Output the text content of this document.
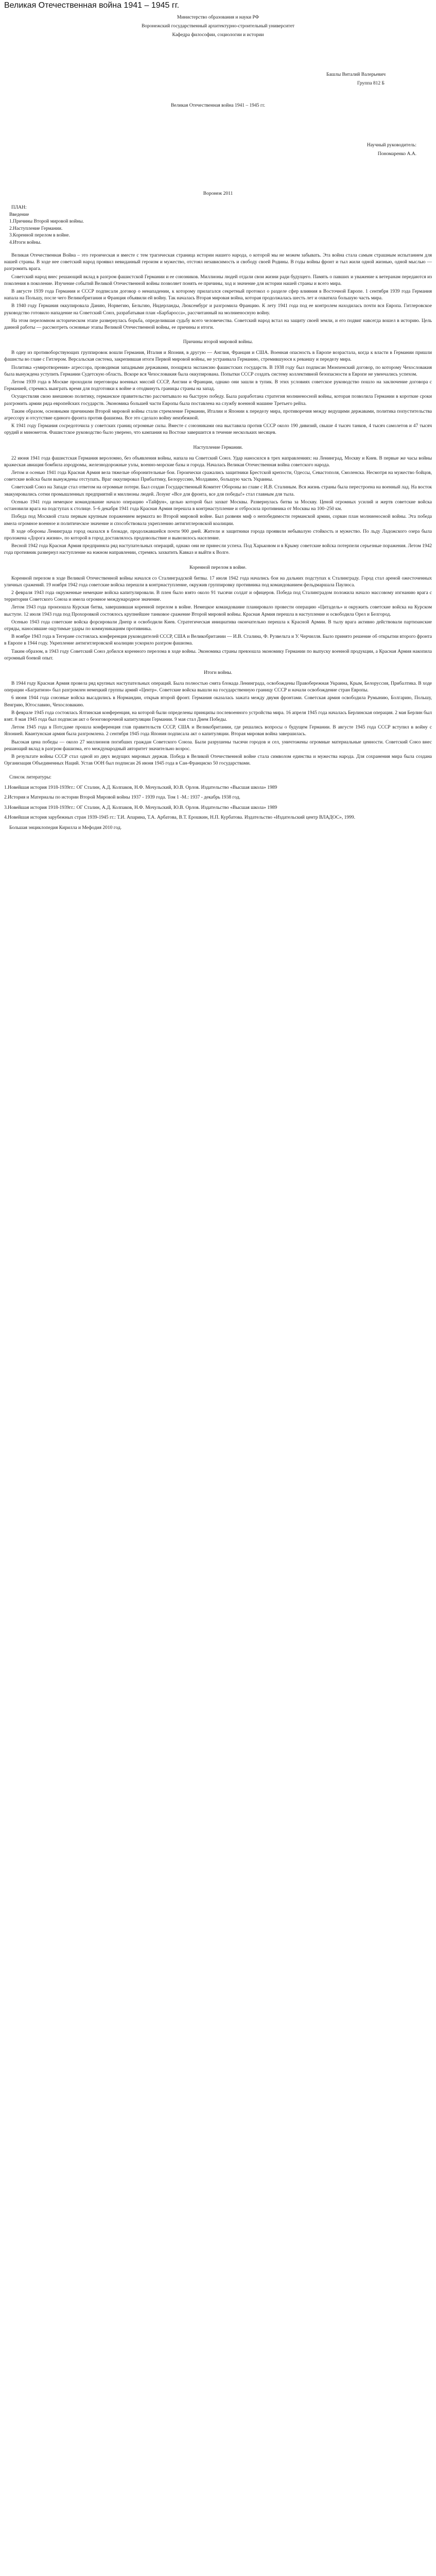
Великая Отечественная война 1941 – 1945 гг.
Министерство образования и науки РФ
Воронежский государственный архитектурно-строительный университет
Кафедра философии, социологии и истории
Башлы Виталий Валерьевич
Группа 812 Б
Великая Отечественная война 1941 – 1945 гг.
Научный руководитель:
Пономаренко А.А.
Воронеж 2011

ПЛАН:

Введение

1.Причины Второй мировой войны.

2.Наступление Германии.

3.Коренной перелом в войне.

4.Итоги войны.

Великая Отечественная Война – это героическая и вместе с тем трагическая страница истории нашего народа, о которой мы не можем забывать. Эта война стала самым страшным испытанием для нашей страны. В ходе нее советский народ проявил невиданный героизм и мужество, отстоял независимость и свободу своей Родины. В годы войны фронт и тыл жили одной жизнью, одной мыслью — разгромить врага.

Советский народ внес решающий вклад в разгром фашистской Германии и ее союзников. Миллионы людей отдали свои жизни ради будущего. Память о павших и уважение к ветеранам передаются из поколения в поколение. Изучение событий Великой Отечественной войны позволяет понять ее причины, ход и значение для истории нашей страны и всего мира.

В августе 1939 года Германия и СССР подписали договор о ненападении, к которому прилагался секретный протокол о разделе сфер влияния в Восточной Европе. 1 сентября 1939 года Германия напала на Польшу, после чего Великобритания и Франция объявили ей войну. Так началась Вторая мировая война, которая продолжалась шесть лет и охватила большую часть мира.

В 1940 году Германия оккупировала Данию, Норвегию, Бельгию, Нидерланды, Люксембург и разгромила Францию. К лету 1941 года под ее контролем находилась почти вся Европа. Гитлеровское руководство готовило нападение на Советский Союз, разрабатывая план «Барбаросса», рассчитанный на молниеносную войну.

На этом переломном историческом этапе развернулась борьба, определившая судьбу всего человечества. Советский народ встал на защиту своей земли, и его подвиг навсегда вошел в историю. Цель данной работы — рассмотреть основные этапы Великой Отечественной войны, ее причины и итоги.

Причины второй мировой войны.

В одну из противоборствующих группировок вошли Германия, Италия и Япония, в другую — Англия, Франция и США. Военная опасность в Европе возрастала, когда к власти в Германии пришли фашисты во главе с Гитлером. Версальская система, закрепившая итоги Первой мировой войны, не устраивала Германию, стремившуюся к реваншу и переделу мира.

Политика «умиротворения» агрессора, проводимая западными державами, поощряла экспансию фашистских государств. В 1938 году был подписан Мюнхенский договор, по которому Чехословакия была вынуждена уступить Германии Судетскую область. Вскоре вся Чехословакия была оккупирована. Попытки СССР создать систему коллективной безопасности в Европе не увенчались успехом.

Летом 1939 года в Москве проходили переговоры военных миссий СССР, Англии и Франции, однако они зашли в тупик. В этих условиях советское руководство пошло на заключение договора с Германией, стремясь выиграть время для подготовки к войне и отодвинуть границы страны на запад.

Осуществляя свою внешнюю политику, германское правительство рассчитывало на быструю победу. Была разработана стратегия молниеносной войны, которая позволила Германии в короткие сроки разгромить армии ряда европейских государств. Экономика большей части Европы была поставлена на службу военной машине Третьего рейха.

Таким образом, основными причинами Второй мировой войны стали стремление Германии, Италии и Японии к переделу мира, противоречия между ведущими державами, политика попустительства агрессору и отсутствие единого фронта против фашизма. Все это сделало войну неизбежной.

К 1941 году Германия сосредоточила у советских границ огромные силы. Вместе с союзниками она выставила против СССР около 190 дивизий, свыше 4 тысяч танков, 4 тысяч самолетов и 47 тысяч орудий и минометов. Фашистское руководство было уверено, что кампания на Востоке завершится в течение нескольких месяцев.

Наступление Германии.

22 июня 1941 года фашистская Германия вероломно, без объявления войны, напала на Советский Союз. Удар наносился в трех направлениях: на Ленинград, Москву и Киев. В первые же часы войны вражеская авиация бомбила аэродромы, железнодорожные узлы, военно-морские базы и города. Началась Великая Отечественная война советского народа.

Летом и осенью 1941 года Красная Армия вела тяжелые оборонительные бои. Героически сражались защитники Брестской крепости, Одессы, Севастополя, Смоленска. Несмотря на мужество бойцов, советские войска были вынуждены отступать. Враг оккупировал Прибалтику, Белоруссию, Молдавию, большую часть Украины.

Советский Союз на Западе стал ответом на огромные потери. Был создан Государственный Комитет Обороны во главе с И.В. Сталиным. Вся жизнь страны была перестроена на военный лад. На восток эвакуировались сотни промышленных предприятий и миллионы людей. Лозунг «Все для фронта, все для победы!» стал главным для тыла.

Осенью 1941 года немецкое командование начало операцию «Тайфун», целью которой был захват Москвы. Развернулась битва за Москву. Ценой огромных усилий и жертв советские войска остановили врага на подступах к столице. 5–6 декабря 1941 года Красная Армия перешла в контрнаступление и отбросила противника от Москвы на 100–250 км.

Победа под Москвой стала первым крупным поражением вермахта во Второй мировой войне. Был развеян миф о непобедимости германской армии, сорван план молниеносной войны. Эта победа имела огромное военное и политическое значение и способствовала укреплению антигитлеровской коалиции.

В ходе обороны Ленинграда город оказался в блокаде, продолжавшейся почти 900 дней. Жители и защитники города проявили небывалую стойкость и мужество. По льду Ладожского озера была проложена «Дорога жизни», по которой в город доставлялось продовольствие и вывозилось население.

Весной 1942 года Красная Армия предприняла ряд наступательных операций, однако они не принесли успеха. Под Харьковом и в Крыму советские войска потерпели серьезные поражения. Летом 1942 года противник развернул наступление на южном направлении, стремясь захватить Кавказ и выйти к Волге.

Коренной перелом в войне.

Коренной перелом в ходе Великой Отечественной войны начался со Сталинградской битвы. 17 июля 1942 года начались бои на дальних подступах к Сталинграду. Город стал ареной ожесточенных уличных сражений. 19 ноября 1942 года советские войска перешли в контрнаступление, окружив группировку противника под командованием фельдмаршала Паулюса.

2 февраля 1943 года окруженные немецкие войска капитулировали. В плен было взято около 91 тысячи солдат и офицеров. Победа под Сталинградом положила начало массовому изгнанию врага с территории Советского Союза и имела огромное международное значение.

Летом 1943 года произошла Курская битва, завершившая коренной перелом в войне. Немецкое командование планировало провести операцию «Цитадель» и окружить советские войска на Курском выступе. 12 июля 1943 года под Прохоровкой состоялось крупнейшее танковое сражение Второй мировой войны. Красная Армия перешла в наступление и освободила Орел и Белгород.

Осенью 1943 года советские войска форсировали Днепр и освободили Киев. Стратегическая инициатива окончательно перешла к Красной Армии. В тылу врага активно действовали партизанские отряды, наносившие ощутимые удары по коммуникациям противника.

В ноябре 1943 года в Тегеране состоялась конференция руководителей СССР, США и Великобритании — И.В. Сталина, Ф. Рузвельта и У. Черчилля. Было принято решение об открытии второго фронта в Европе в 1944 году. Укрепление антигитлеровской коалиции ускорило разгром фашизма.

Таким образом, в 1943 году Советский Союз добился коренного перелома в ходе войны. Экономика страны превзошла экономику Германии по выпуску военной продукции, а Красная Армия накопила огромный боевой опыт.

Итоги войны.

В 1944 году Красная Армия провела ряд крупных наступательных операций. Была полностью снята блокада Ленинграда, освобождены Правобережная Украина, Крым, Белоруссия, Прибалтика. В ходе операции «Багратион» был разгромлен немецкий группы армий «Центр». Советские войска вышли на государственную границу СССР и начали освобождение стран Европы.

6 июня 1944 года союзные войска высадились в Нормандии, открыв второй фронт. Германия оказалась зажата между двумя фронтами. Советская армия освободила Румынию, Болгарию, Польшу, Венгрию, Югославию, Чехословакию.

В феврале 1945 года состоялась Ялтинская конференция, на которой были определены принципы послевоенного устройства мира. 16 апреля 1945 года началась Берлинская операция. 2 мая Берлин был взят. 8 мая 1945 года был подписан акт о безоговорочной капитуляции Германии. 9 мая стал Днем Победы.

Летом 1945 года в Потсдаме прошла конференция глав правительств СССР, США и Великобритании, где решались вопросы о будущем Германии. В августе 1945 года СССР вступил в войну с Японией. Квантунская армия была разгромлена. 2 сентября 1945 года Япония подписала акт о капитуляции. Вторая мировая война завершилась.

Высокая цена победы — около 27 миллионов погибших граждан Советского Союза. Были разрушены тысячи городов и сел, уничтожены огромные материальные ценности. Советский Союз внес решающий вклад в разгром фашизма, его международный авторитет значительно возрос.

В результате войны СССР стал одной из двух ведущих мировых держав. Победа в Великой Отечественной войне стала символом единства и мужества народа. Для сохранения мира была создана Организация Объединенных Наций. Устав ООН был подписан 26 июня 1945 года в Сан-Франциско 50 государствами.

Список литературы:

1.Новейшая история 1918-1939гг.: ОГ Сталин, А.Д. Колпаков, Н.Ф. Мочульский, Ю.В. Орлов. Издательство «Высшая школа» 1989

2.История и Материалы по истории Второй Мировой войны 1937 - 1939 года. Том 1 -М.: 1937 - декабрь 1938 год.

3.Новейшая история 1918-1939гг.: ОГ Сталин, А.Д. Колпаков, Н.Ф. Мочульский, Ю.В. Орлов. Издательство «Высшая школа» 1989

4.Новейшая история зарубежных стран 1939-1945 гг.: Т.И. Апарина, Т.А. Арбатова, В.Т. Ерошкин, Н.П. Курбатова. Издательство «Издательский центр ВЛАДОС», 1999.

Большая энциклопедия Кирилла и Мефодия 2010 год.
